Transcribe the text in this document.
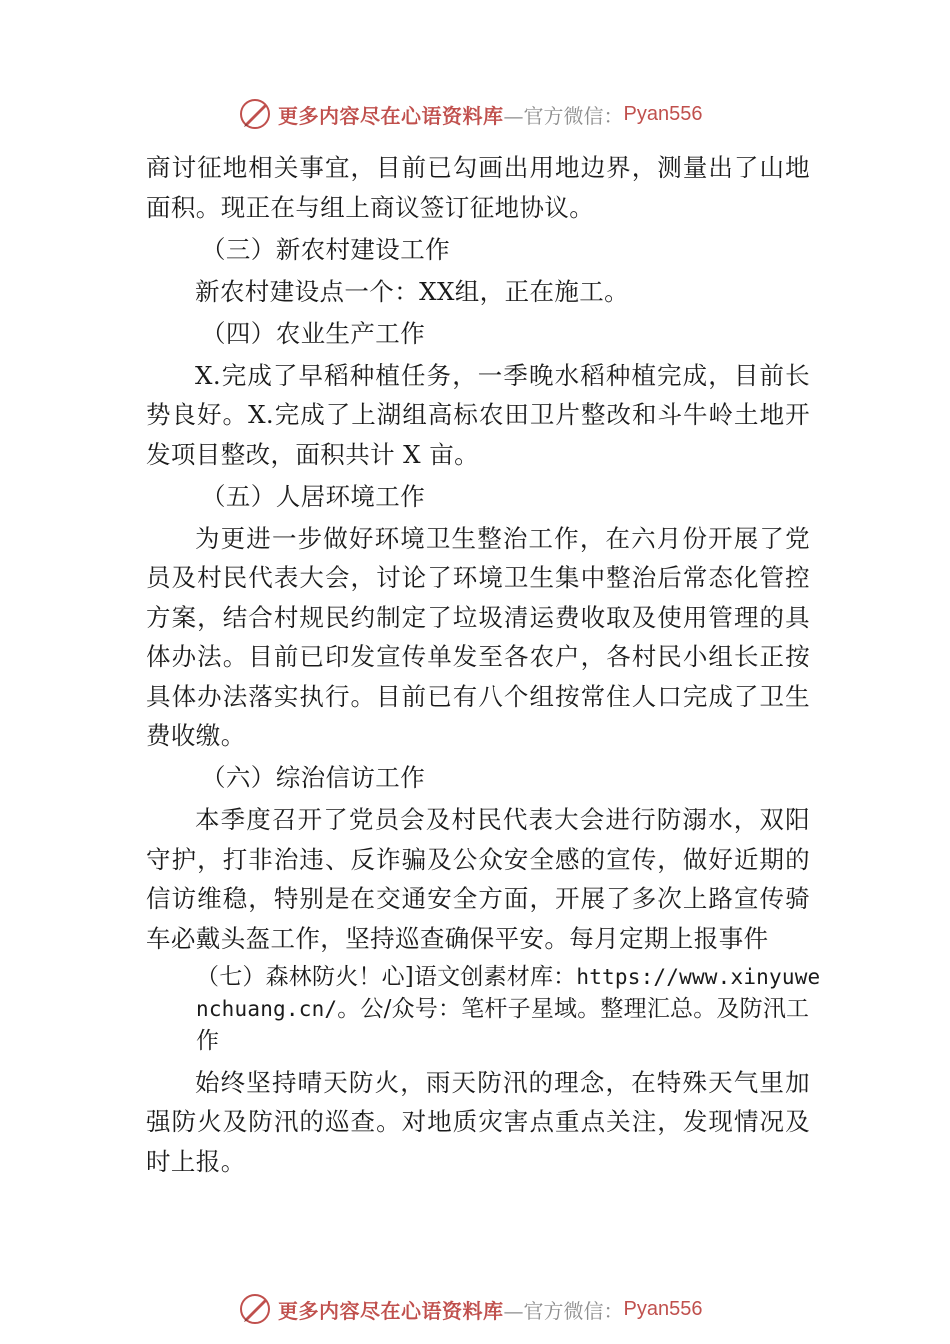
更多内容尽在心语资料库 —官方微信： Pyan556

商讨征地相关事宜，目前已勾画出用地边界，测量出了山地面积。现正在与组上商议签订征地协议。

（三）新农村建设工作

新农村建设点一个：XX组，正在施工。

（四）农业生产工作

X.完成了早稻种植任务，一季晚水稻种植完成，目前长势良好。X.完成了上湖组高标农田卫片整改和斗牛岭土地开发项目整改，面积共计 X 亩。

（五）人居环境工作

为更进一步做好环境卫生整治工作，在六月份开展了党员及村民代表大会，讨论了环境卫生集中整治后常态化管控方案，结合村规民约制定了垃圾清运费收取及使用管理的具体办法。目前已印发宣传单发至各农户，各村民小组长正按具体办法落实执行。目前已有八个组按常住人口完成了卫生费收缴。

（六）综治信访工作

本季度召开了党员会及村民代表大会进行防溺水，双阳守护，打非治违、反诈骗及公众安全感的宣传，做好近期的信访维稳，特别是在交通安全方面，开展了多次上路宣传骑车必戴头盔工作，坚持巡查确保平安。每月定期上报事件

（七）森林防火！心]语文创素材库：https://www.xinyuwenchuang.cn/。公/众号：笔杆子星域。整理汇总。及防汛工作

始终坚持晴天防火，雨天防汛的理念，在特殊天气里加强防火及防汛的巡查。对地质灾害点重点关注，发现情况及时上报。

更多内容尽在心语资料库 —官方微信： Pyan556
